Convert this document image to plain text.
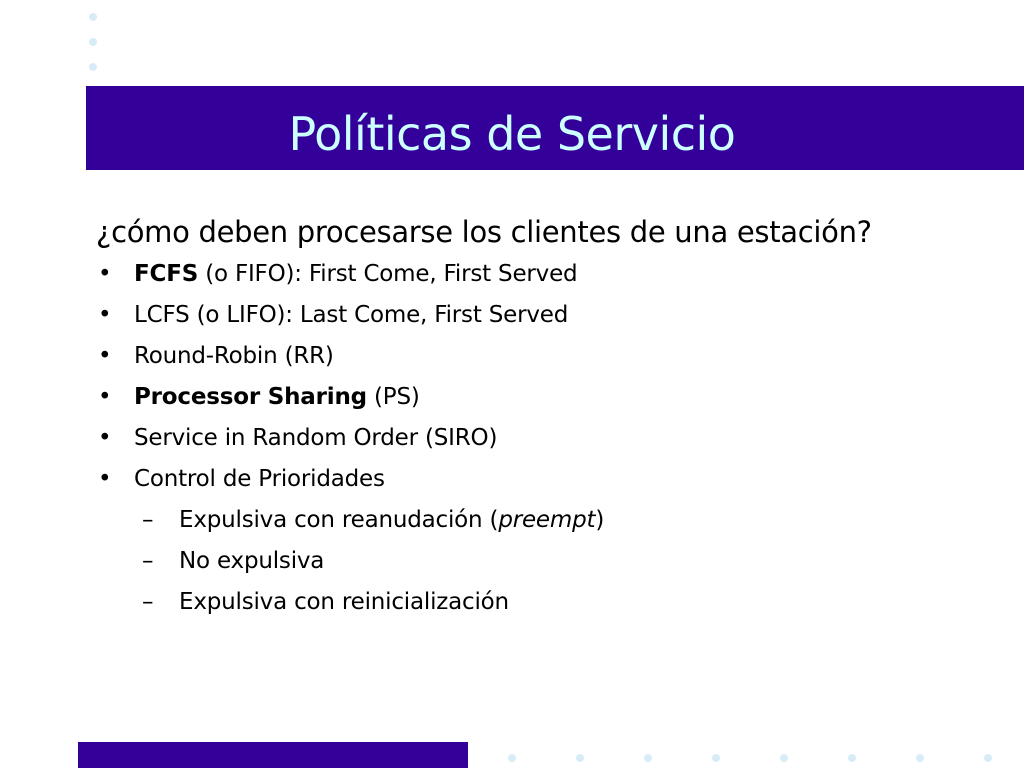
Políticas de Servicio
¿cómo deben procesarse los clientes de una estación?
• FCFS (o FIFO): First Come, First Served
• LCFS (o LIFO): Last Come, First Served
• Round-Robin (RR)
• Processor Sharing (PS)
• Service in Random Order (SIRO)
• Control de Prioridades
– Expulsiva con reanudación (preempt)
– No expulsiva
– Expulsiva con reinicialización
